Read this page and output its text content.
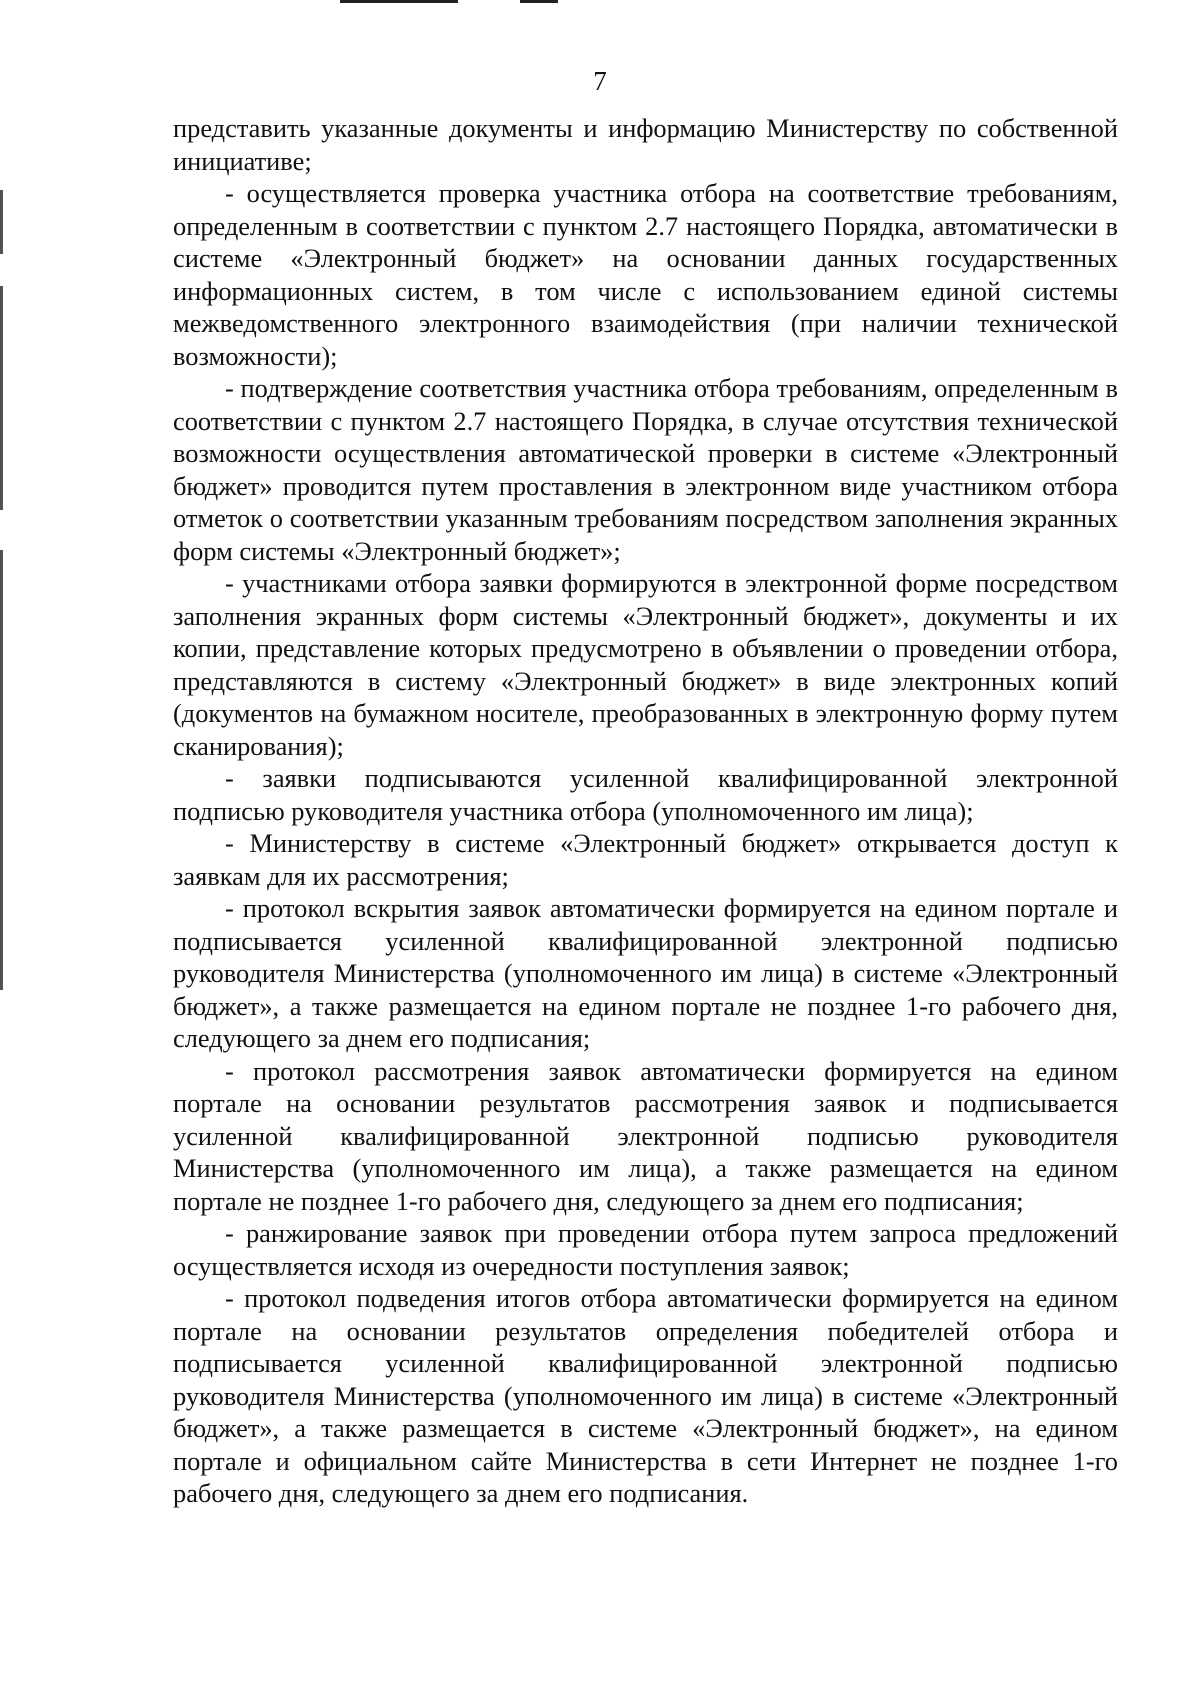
7

представить указанные документы и информацию Министерству по собственной инициативе;

- осуществляется проверка участника отбора на соответствие требованиям, определенным в соответствии с пунктом 2.7 настоящего Порядка, автоматически в системе «Электронный бюджет» на основании данных государственных информационных систем, в том числе с использованием единой системы межведомственного электронного взаимодействия (при наличии технической возможности);

- подтверждение соответствия участника отбора требованиям, определенным в соответствии с пунктом 2.7 настоящего Порядка, в случае отсутствия технической возможности осуществления автоматической проверки в системе «Электронный бюджет» проводится путем проставления в электронном виде участником отбора отметок о соответствии указанным требованиям посредством заполнения экранных форм системы «Электронный бюджет»;

- участниками отбора заявки формируются в электронной форме посредством заполнения экранных форм системы «Электронный бюджет», документы и их копии, представление которых предусмотрено в объявлении о проведении отбора, представляются в систему «Электронный бюджет» в виде электронных копий (документов на бумажном носителе, преобразованных в электронную форму путем сканирования);

- заявки подписываются усиленной квалифицированной электронной подписью руководителя участника отбора (уполномоченного им лица);

- Министерству в системе «Электронный бюджет» открывается доступ к заявкам для их рассмотрения;

- протокол вскрытия заявок автоматически формируется на едином портале и подписывается усиленной квалифицированной электронной подписью руководителя Министерства (уполномоченного им лица) в системе «Электронный бюджет», а также размещается на едином портале не позднее 1-го рабочего дня, следующего за днем его подписания;

- протокол рассмотрения заявок автоматически формируется на едином портале на основании результатов рассмотрения заявок и подписывается усиленной квалифицированной электронной подписью руководителя Министерства (уполномоченного им лица), а также размещается на едином портале не позднее 1-го рабочего дня, следующего за днем его подписания;

- ранжирование заявок при проведении отбора путем запроса предложений осуществляется исходя из очередности поступления заявок;

- протокол подведения итогов отбора автоматически формируется на едином портале на основании результатов определения победителей отбора и подписывается усиленной квалифицированной электронной подписью руководителя Министерства (уполномоченного им лица) в системе «Электронный бюджет», а также размещается в системе «Электронный бюджет», на едином портале и официальном сайте Министерства в сети Интернет не позднее 1-го рабочего дня, следующего за днем его подписания.
